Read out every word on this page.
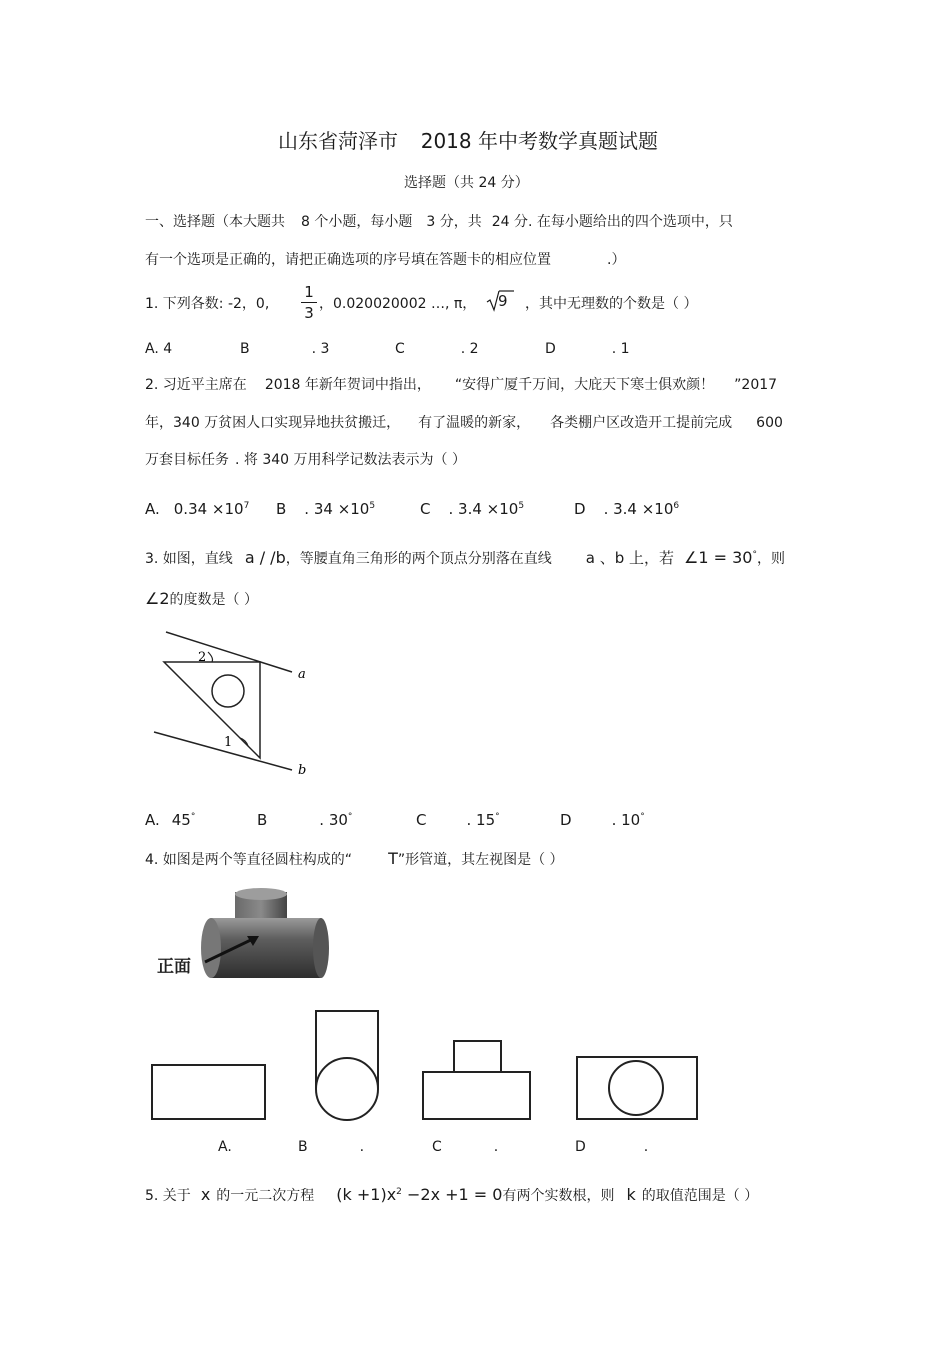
山东省菏泽市 2018 年中考数学真题试题
选择题（共 24 分）
一、选择题（本大题共 8 个小题，每小题 3 分，共 24 分. 在每小题给出的四个选项中，只
有一个选项是正确的，请把正确选项的序号填在答题卡的相应位置	.）
1. 下列各数: -2，0,
1
3 ，0.020020002 …, π， 9 ，其中无理数的个数是（ ）
A. 4	B	. 3	C	. 2	D	. 1
2. 习近平主席在 2018 年新年贺词中指出， “安得广厦千万间，大庇天下寒士俱欢颜！ ”2017
年，340 万贫困人口实现异地扶贫搬迁， 有了温暖的新家， 各类棚户区改造开工提前完成 600
万套目标任务 . 将 340 万用科学记数法表示为（ ）
A. $0.34 \times 10^7$ B . $34 \times 10^5$	C . $3.4 \times 10^5$	D . $3.4 \times 10^6$
3. 如图，直线 a / /b，等腰直角三角形的两个顶点分别落在直线 a 、b 上，若 ∠1 = 30°，则
∠2的度数是（ ）
2
1
a
b
A. 45°	B	. 30°	C	. 15°	D	. 10°
4. 如图是两个等直径圆柱构成的“ T”形管道，其左视图是（ ）
正面
A.	B	.	C	.	D	.
5. 关于 x 的一元二次方程 $(k +1)x^2 -2x +1 = 0$有两个实数根，则 k 的取值范围是（ ）
